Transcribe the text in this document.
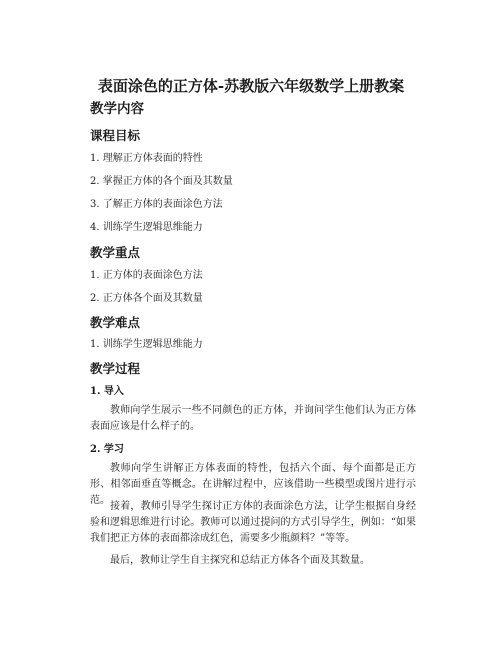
表面涂色的正方体-苏教版六年级数学上册教案
教学内容
课程目标
1. 理解正方体表面的特性
2. 掌握正方体的各个面及其数量
3. 了解正方体的表面涂色方法
4. 训练学生逻辑思维能力
教学重点
1. 正方体的表面涂色方法
2. 正方体各个面及其数量
教学难点
1. 训练学生逻辑思维能力
教学过程
1. 导入
教师向学生展示一些不同颜色的正方体，并询问学生他们认为正方体表面应该是什么样子的。
2. 学习
教师向学生讲解正方体表面的特性，包括六个面、每个面都是正方形、相邻面垂直等概念。在讲解过程中，应该借助一些模型或图片进行示范。
接着，教师引导学生探讨正方体的表面涂色方法，让学生根据自身经验和逻辑思维进行讨论。教师可以通过提问的方式引导学生，例如：“如果我们把正方体的表面都涂成红色，需要多少瓶颜料？”等等。
最后，教师让学生自主探究和总结正方体各个面及其数量。
